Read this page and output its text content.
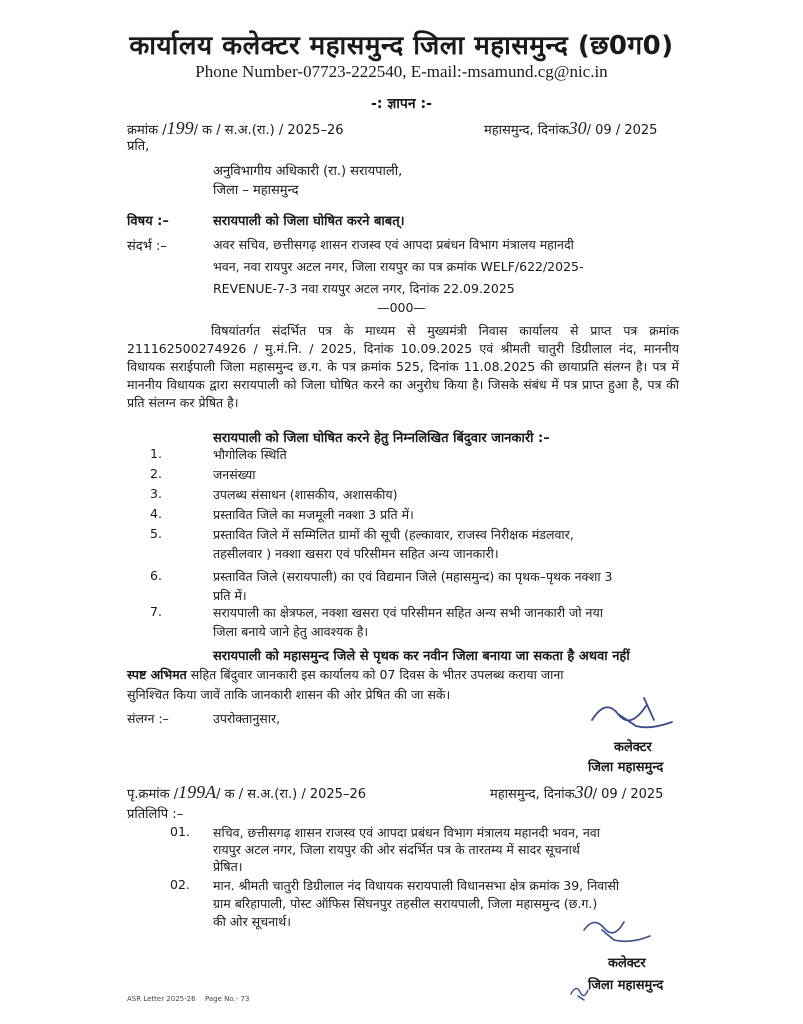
कार्यालय कलेक्टर महासमुन्द जिला महासमुन्द (छ0ग0)
Phone Number-07723-222540, E-mail:-msamund.cg@nic.in
-: ज्ञापन :-
क्रमांक /199/ क / स.अ.(रा.) / 2025–26	महासमुन्द, दिनांक30/ 09 / 2025
प्रति,
अनुविभागीय अधिकारी (रा.) सरायपाली,
जिला – महासमुन्द
विषय :–	सरायपाली को जिला घोषित करने बाबत्।
संदर्भ :–	अवर सचिव, छत्तीसगढ़ शासन राजस्व एवं आपदा प्रबंधन विभाग मंत्रालय महानदी
भवन, नवा रायपुर अटल नगर, जिला रायपुर का पत्र क्रमांक WELF/622/2025-
REVENUE-7-3 नवा रायपुर अटल नगर, दिनांक 22.09.2025
—000—
विषयांतर्गत संदर्भित पत्र के माध्यम से मुख्यमंत्री निवास कार्यालय से प्राप्त पत्र क्रमांक 211162500274926 / मु.मं.नि. / 2025, दिनांक 10.09.2025 एवं श्रीमती चातुरी डिग्रीलाल नंद, माननीय विधायक सराईपाली जिला महासमुन्द छ.ग. के पत्र क्रमांक 525, दिनांक 11.08.2025 की छायाप्रति संलग्न है। पत्र में माननीय विधायक द्वारा सरायपाली को जिला घोषित करने का अनुरोध किया है। जिसके संबंध में पत्र प्राप्त हुआ है, पत्र की प्रति संलग्न कर प्रेषित है।
सरायपाली को जिला घोषित करने हेतु निम्नलिखित बिंदुवार जानकारी :–
1.	भौगोलिक स्थिति
2.	जनसंख्या
3.	उपलब्ध संसाधन (शासकीय, अशासकीय)
4.	प्रस्तावित जिले का मजमूली नक्शा 3 प्रति में।
5.	प्रस्तावित जिले में सम्मिलित ग्रामों की सूची (हल्कावार, राजस्व निरीक्षक मंडलवार,
तहसीलवार ) नक्शा खसरा एवं परिसीमन सहित अन्य जानकारी।
6.	प्रस्तावित जिले (सरायपाली) का एवं विद्यमान जिले (महासमुन्द) का पृथक–पृथक नक्शा 3
प्रति में।
7.	सरायपाली का क्षेत्रफल, नक्शा खसरा एवं परिसीमन सहित अन्य सभी जानकारी जो नया
जिला बनाये जाने हेतु आवश्यक है।
सरायपाली को महासमुन्द जिले से पृथक कर नवीन जिला बनाया जा सकता है अथवा नहीं
स्पष्ट अभिमत सहित बिंदुवार जानकारी इस कार्यालय को 07 दिवस के भीतर उपलब्ध कराया जाना
सुनिश्चित किया जावें ताकि जानकारी शासन की ओर प्रेषित की जा सकें।
संलग्न :–	उपरोक्तानुसार,
कलेक्टर
जिला महासमुन्द
पृ.क्रमांक /199A/ क / स.अ.(रा.) / 2025–26	महासमुन्द, दिनांक30/ 09 / 2025
प्रतिलिपि :–
01. सचिव, छत्तीसगढ़ शासन राजस्व एवं आपदा प्रबंधन विभाग मंत्रालय महानदी भवन, नवा
रायपुर अटल नगर, जिला रायपुर की ओर संदर्भित पत्र के तारतम्य में सादर सूचनार्थ
प्रेषित।
02. मान. श्रीमती चातुरी डिग्रीलाल नंद विधायक सरायपाली विधानसभा क्षेत्र क्रमांक 39, निवासी
ग्राम बरिहापाली, पोस्ट ऑफिस सिंघनपुर तहसील सरायपाली, जिला महासमुन्द (छ.ग.)
की ओर सूचनार्थ।
कलेक्टर
जिला महासमुन्द
ASR Letter 2025-26 Page No.- 73
